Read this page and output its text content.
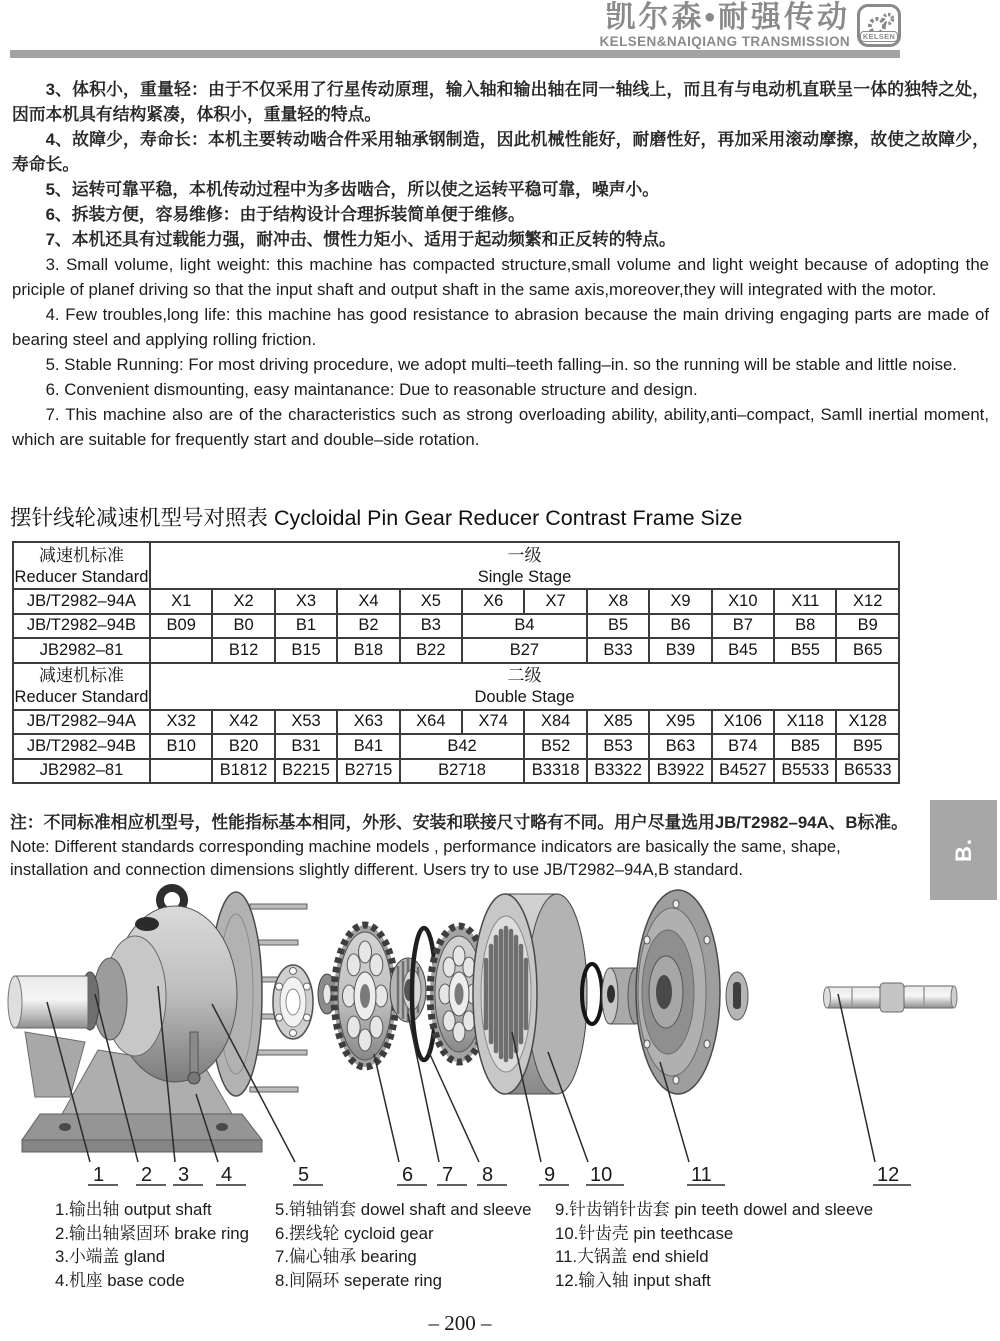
凯尔森•耐强传动
KELSEN&NAIQIANG TRANSMISSION	KELSEN

3、体积小，重量轻：由于不仅采用了行星传动原理，输入轴和输出轴在同一轴线上，而且有与电动机直联呈一体的独特之处，因而本机具有结构紧凑，体积小，重量轻的特点。

4、故障少，寿命长：本机主要转动啮合件采用轴承钢制造，因此机械性能好，耐磨性好，再加采用滚动摩擦，故使之故障少，寿命长。

5、运转可靠平稳，本机传动过程中为多齿啮合，所以使之运转平稳可靠，噪声小。

6、拆装方便，容易维修：由于结构设计合理拆装简单便于维修。

7、本机还具有过载能力强，耐冲击、惯性力矩小、适用于起动频繁和正反转的特点。

3. Small volume, light weight: this machine has compacted structure,small volume and light weight because of adopting the priciple of planef driving so that the input shaft and output shaft in the same axis,moreover,they will integrated with the motor.

4. Few troubles,long life: this machine has good resistance to abrasion because the main driving engaging parts are made of bearing steel and applying rolling friction.

5. Stable Running: For most driving procedure, we adopt multi–teeth falling–in. so the running will be stable and little noise.

6. Convenient dismounting, easy maintanance: Due to reasonable structure and design.

7. This machine also are of the characteristics such as strong overloading ability, ability,anti–compact, Samll inertial moment, which are suitable for frequently start and double–side rotation.

摆针线轮减速机型号对照表 Cycloidal Pin Gear Reducer Contrast Frame Size
减速机标准
Reducer Standard

一级
Single Stage

JB/T2982–94A	X1	X2	X3	X4	X5	X6	X7	X8	X9	X10	X11	X12
JB/T2982–94B	B09	B0	B1	B2	B3	B4		B5	B6	B7	B8	B9
JB2982–81		B12	B15	B18	B22	B27		B33	B39	B45	B55	B65

减速机标准
Reducer Standard

二级
Double Stage

JB/T2982–94A	X32	X42	X53	X63	X64	X74	X84	X85	X95	X106	X118	X128
JB/T2982–94B	B10	B20	B31	B41	B42		B52	B53	B63	B74	B85	B95
JB2982–81		B1812	B2215	B2715	B2718		B3318	B3322	B3922	B4527	B5533	B6533

注：不同标准相应机型号，性能指标基本相同，外形、安装和联接尺寸略有不同。用户尽量选用JB/T2982–94A、B标准。

Note: Different standards corresponding machine models , performance indicators are basically the same, shape, installation and connection dimensions slightly different. Users try to use JB/T2982–94A,B standard.

B.
1 2 3 4	5	6 7 8	9 10	11	12
1.输出轴 output shaft
2.输出轴紧固环 brake ring
3.小端盖 gland
4.机座 base code
5.销轴销套 dowel shaft and sleeve
6.摆线轮 cycloid gear
7.偏心轴承 bearing
8.间隔环 seperate ring
9.针齿销针齿套 pin teeth dowel and sleeve
10.针齿壳 pin teethcase
11.大锅盖 end shield
12.输入轴 input shaft
– 200 –
